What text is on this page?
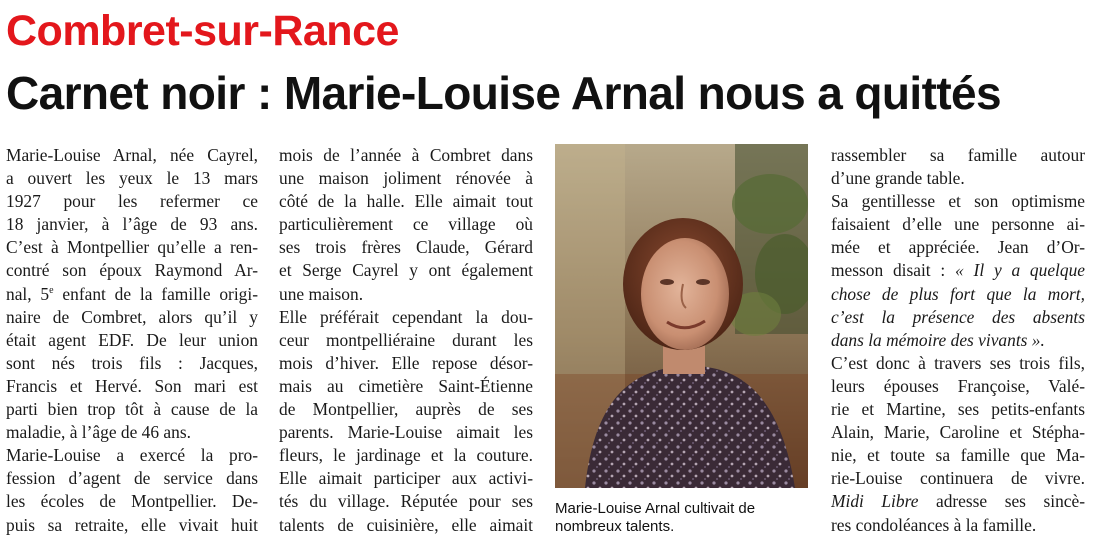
Combret-sur-Rance
Carnet noir : Marie-Louise Arnal nous a quittés
Marie-Louise Arnal, née Cayrel,
a ouvert les yeux le 13 mars
1927 pour les refermer ce
18 janvier, à l’âge de 93 ans.
C’est à Montpellier qu’elle a ren-
contré son époux Raymond Ar-
nal, 5e enfant de la famille origi-
naire de Combret, alors qu’il y
était agent EDF. De leur union
sont nés trois fils : Jacques,
Francis et Hervé. Son mari est
parti bien trop tôt à cause de la
maladie, à l’âge de 46 ans.
Marie-Louise a exercé la pro-
fession d’agent de service dans
les écoles de Montpellier. De-
puis sa retraite, elle vivait huit
mois de l’année à Combret dans
une maison joliment rénovée à
côté de la halle. Elle aimait tout
particulièrement ce village où
ses trois frères Claude, Gérard
et Serge Cayrel y ont également
une maison.
Elle préférait cependant la dou-
ceur montpelliéraine durant les
mois d’hiver. Elle repose désor-
mais au cimetière Saint-Étienne
de Montpellier, auprès de ses
parents. Marie-Louise aimait les
fleurs, le jardinage et la couture.
Elle aimait participer aux activi-
tés du village. Réputée pour ses
talents de cuisinière, elle aimait
Marie-Louise Arnal cultivait de nombreux talents.
rassembler sa famille autour
d’une grande table.
Sa gentillesse et son optimisme
faisaient d’elle une personne ai-
mée et appréciée. Jean d’Or-
messon disait : « Il y a quelque
chose de plus fort que la mort,
c’est la présence des absents
dans la mémoire des vivants ».
C’est donc à travers ses trois fils,
leurs épouses Françoise, Valé-
rie et Martine, ses petits-enfants
Alain, Marie, Caroline et Stépha-
nie, et toute sa famille que Ma-
rie-Louise continuera de vivre.
Midi Libre adresse ses sincè-
res condoléances à la famille.
